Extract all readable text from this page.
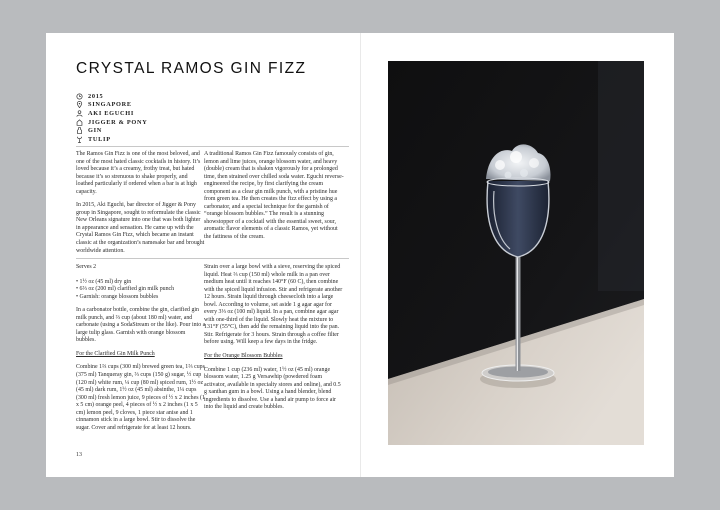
CRYSTAL RAMOS GIN FIZZ
2015
SINGAPORE
AKI EGUCHI
JIGGER & PONY
GIN
TULIP

The Ramos Gin Fizz is one of the most beloved, and one of the most hated classic cocktails in history. It’s loved because it’s a creamy, frothy treat, but hated because it’s so strenuous to shake properly, and loathed particularly if ordered when a bar is at high capacity.

In 2015, Aki Eguchi, bar director of Jigger & Pony group in Singapore, sought to reformulate the classic New Orleans signature into one that was both lighter in appearance and sensation. He came up with the Crystal Ramos Gin Fizz, which became an instant classic at the organization’s namesake bar and brought worldwide attention.

A traditional Ramos Gin Fizz famously consists of gin, lemon and lime juices, orange blossom water, and heavy (double) cream that is shaken vigorously for a prolonged time, then strained over chilled soda water. Eguchi reverse-engineered the recipe, by first clarifying the cream component as a clear gin milk punch, with a pristine hue from green tea. He then creates the fizz effect by using a carbonator, and a special technique for the garnish of “orange blossom bubbles.” The result is a stunning showstopper of a cocktail with the essential sweet, sour, aromatic flavor elements of a classic Ramos, yet without the fattiness of the cream.

Serves 2

• 1½ oz (45 ml) dry gin
• 6⅔ oz (200 ml) clarified gin milk punch
• Garnish: orange blossom bubbles

In a carbonator bottle, combine the gin, clarified gin milk punch, and ⅔ cup (about 180 ml) water, and carbonate (using a SodaStream or the like). Pour into a large tulip glass. Garnish with orange blossom bubbles.

For the Clarified Gin Milk Punch

Combine 1⅔ cups (300 ml) brewed green tea, 1⅔ cups (375 ml) Tanqueray gin, ⅔ cups (150 g) sugar, ½ cup (120 ml) white rum, ¼ cup (80 ml) spiced rum, 1½ oz (45 ml) dark rum, 1½ oz (45 ml) absinthe, 1¼ cups (300 ml) fresh lemon juice, 9 pieces of ½ x 2 inches (1 x 5 cm) orange peel, 4 pieces of ½ x 2 inches (1 x 5 cm) lemon peel, 9 cloves, 1 piece star anise and 1 cinnamon stick in a large bowl. Stir to dissolve the sugar. Cover and refrigerate for at least 12 hours.

Strain over a large bowl with a sieve, reserving the spiced liquid. Heat ⅔ cup (150 ml) whole milk in a pan over medium heat until it reaches 140°F (60 C), then combine with the spiced liquid infusion. Stir and refrigerate another 12 hours. Strain liquid through cheesecloth into a large bowl. According to volume, set aside 1 g agar agar for every 3⅓ oz (100 ml) liquid. In a pan, combine agar agar with one-third of the liquid. Slowly heat the mixture to 131°F (55°C), then add the remaining liquid into the pan. Stir. Refrigerate for 3 hours. Strain through a coffee filter before using. Will keep a few days in the fridge.

For the Orange Blossom Bubbles

Combine 1 cup (236 ml) water, 1½ oz (45 ml) orange blossom water, 1.25 g Versawhip (powdered foam activator, available in specialty stores and online), and 0.5 g xanthan gum in a bowl. Using a hand blender, blend ingredients to dissolve. Use a hand air pump to force air into the liquid and create bubbles.

13
